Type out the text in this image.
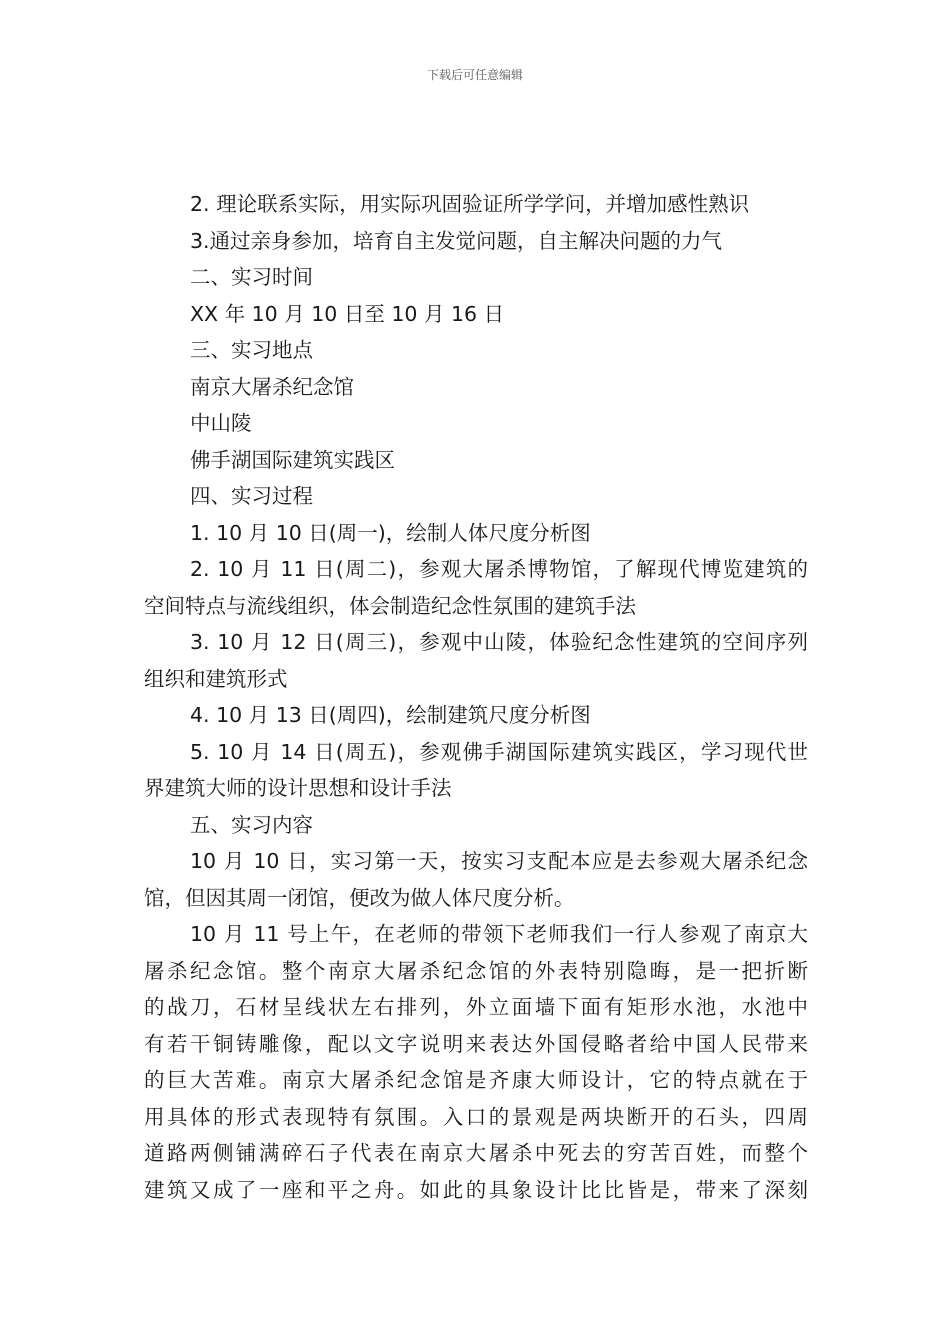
下载后可任意编辑

2. 理论联系实际，用实际巩固验证所学学问，并增加感性熟识

3.通过亲身参加，培育自主发觉问题，自主解决问题的力气

二、实习时间

XX 年 10 月 10 日至 10 月 16 日

三、实习地点

南京大屠杀纪念馆

中山陵

佛手湖国际建筑实践区

四、实习过程

1. 10 月 10 日(周一)，绘制人体尺度分析图

2. 10 月 11 日(周二)，参观大屠杀博物馆，了解现代博览建筑的

空间特点与流线组织，体会制造纪念性氛围的建筑手法

3. 10 月 12 日(周三)，参观中山陵，体验纪念性建筑的空间序列

组织和建筑形式

4. 10 月 13 日(周四)，绘制建筑尺度分析图

5. 10 月 14 日(周五)，参观佛手湖国际建筑实践区，学习现代世

界建筑大师的设计思想和设计手法

五、实习内容

10 月 10 日，实习第一天，按实习支配本应是去参观大屠杀纪念

馆，但因其周一闭馆，便改为做人体尺度分析。

10 月 11 号上午，在老师的带领下老师我们一行人参观了南京大

屠杀纪念馆。整个南京大屠杀纪念馆的外表特别隐晦，是一把折断

的战刀，石材呈线状左右排列，外立面墙下面有矩形水池，水池中

有若干铜铸雕像，配以文字说明来表达外国侵略者给中国人民带来

的巨大苦难。南京大屠杀纪念馆是齐康大师设计，它的特点就在于

用具体的形式表现特有氛围。入口的景观是两块断开的石头，四周

道路两侧铺满碎石子代表在南京大屠杀中死去的穷苦百姓，而整个

建筑又成了一座和平之舟。如此的具象设计比比皆是，带来了深刻
